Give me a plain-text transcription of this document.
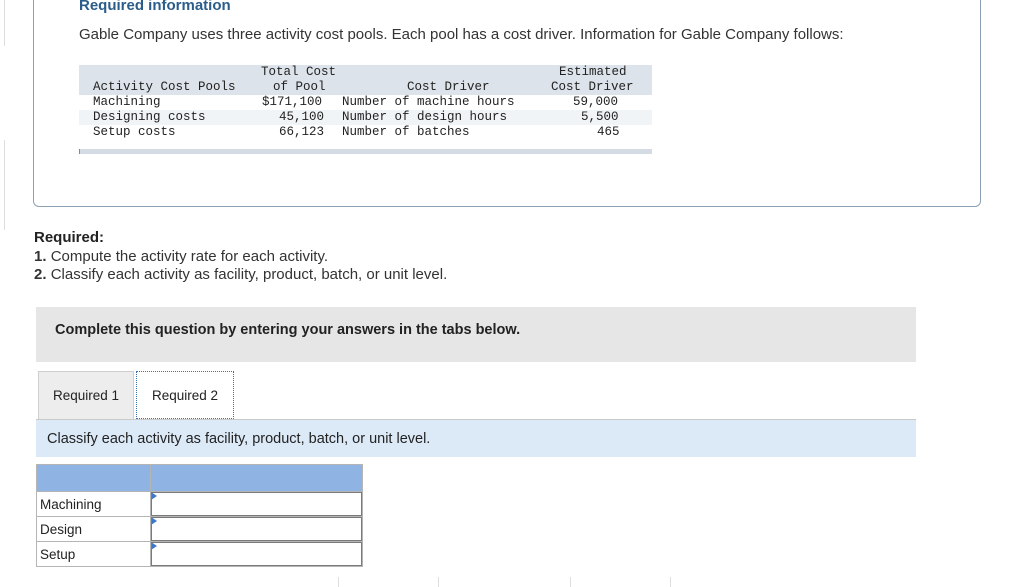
Required information
Gable Company uses three activity cost pools. Each pool has a cost driver. Information for Gable Company follows:
Total Cost	Estimated
Activity Cost Pools	of Pool	Cost Driver	Cost Driver
Machining	$171,100 Number of machine hours	59,000
Designing costs	45,100 Number of design hours	5,500
Setup costs	66,123 Number of batches	465
Required:
1. Compute the activity rate for each activity.
2. Classify each activity as facility, product, batch, or unit level.
Complete this question by entering your answers in the tabs below.
Required 1	Required 2
Classify each activity as facility, product, batch, or unit level.

Machining	

Design	

Setup	
